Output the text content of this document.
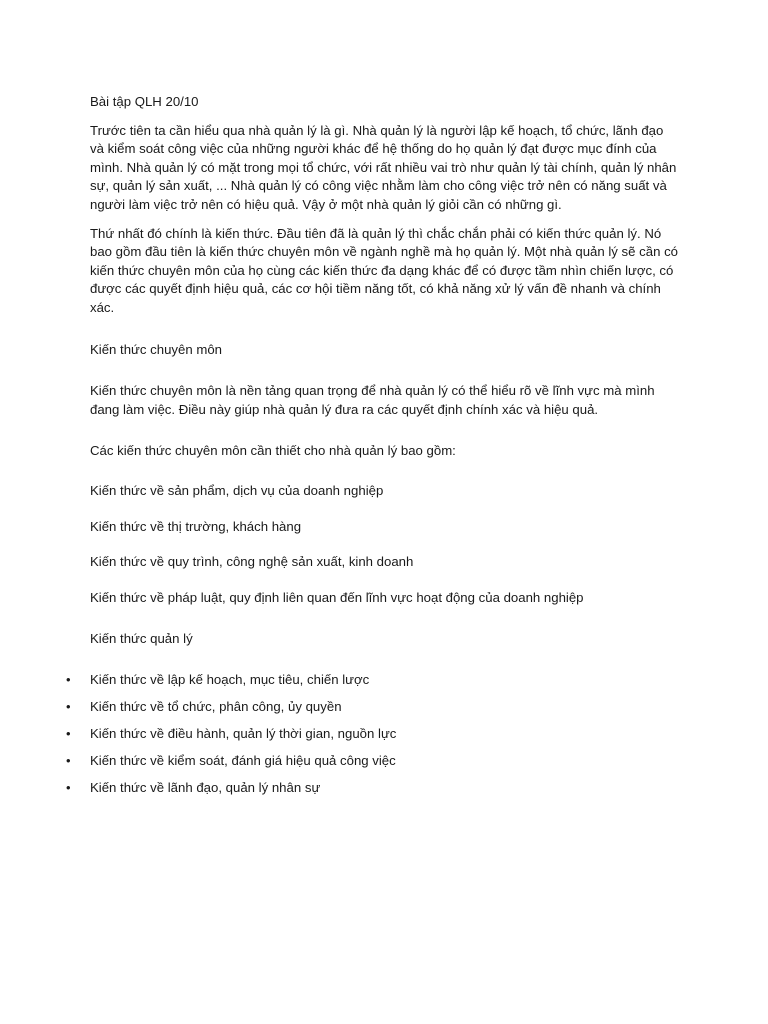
Bài tập QLH 20/10

Trước tiên ta cần hiểu qua nhà quản lý là gì. Nhà quản lý là người lập kế hoạch, tổ chức, lãnh đạo và kiểm soát công việc của những người khác để hệ thống do họ quản lý đạt được mục đính của mình. Nhà quản lý có mặt trong mọi tổ chức, với rất nhiều vai trò như quản lý tài chính, quản lý nhân sự, quản lý sản xuất, ... Nhà quản lý có công việc nhằm làm cho công việc trở nên có năng suất và người làm việc trở nên có hiệu quả. Vậy ở một nhà quản lý giỏi cần có những gì.

Thứ nhất đó chính là kiến thức. Đầu tiên đã là quản lý thì chắc chắn phải có kiến thức quản lý. Nó bao gồm đầu tiên là kiến thức chuyên môn về ngành nghề mà họ quản lý. Một nhà quản lý sẽ cần có kiến thức chuyên môn của họ cùng các kiến thức đa dạng khác để có được tầm nhìn chiến lược, có được các quyết định hiệu quả, các cơ hội tiềm năng tốt, có khả năng xử lý vấn đề nhanh và chính xác.

Kiến thức chuyên môn

Kiến thức chuyên môn là nền tảng quan trọng để nhà quản lý có thể hiểu rõ về lĩnh vực mà mình đang làm việc. Điều này giúp nhà quản lý đưa ra các quyết định chính xác và hiệu quả.

Các kiến thức chuyên môn cần thiết cho nhà quản lý bao gồm:

Kiến thức về sản phẩm, dịch vụ của doanh nghiệp

Kiến thức về thị trường, khách hàng

Kiến thức về quy trình, công nghệ sản xuất, kinh doanh

Kiến thức về pháp luật, quy định liên quan đến lĩnh vực hoạt động của doanh nghiệp

Kiến thức quản lý

• Kiến thức về lập kế hoạch, mục tiêu, chiến lược
• Kiến thức về tổ chức, phân công, ủy quyền
• Kiến thức về điều hành, quản lý thời gian, nguồn lực
• Kiến thức về kiểm soát, đánh giá hiệu quả công việc
• Kiến thức về lãnh đạo, quản lý nhân sự
